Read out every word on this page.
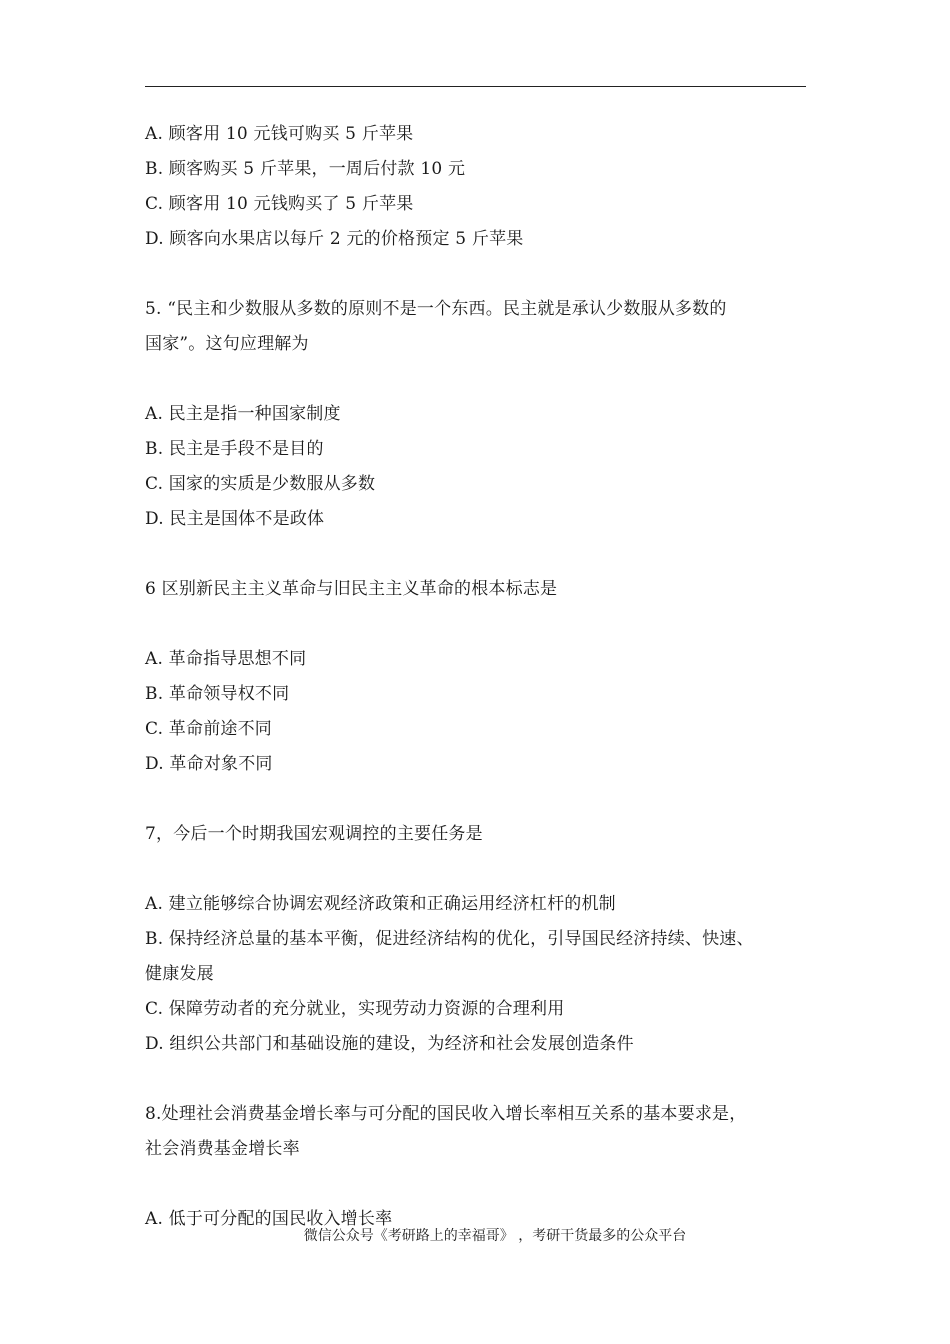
A. 顾客用 10 元钱可购买 5 斤苹果
B. 顾客购买 5 斤苹果，一周后付款 10 元
C. 顾客用 10 元钱购买了 5 斤苹果
D. 顾客向水果店以每斤 2 元的价格预定 5 斤苹果
5. “民主和少数服从多数的原则不是一个东西。民主就是承认少数服从多数的
国家”。这句应理解为
A. 民主是指一种国家制度
B. 民主是手段不是目的
C. 国家的实质是少数服从多数
D. 民主是国体不是政体
6 区别新民主主义革命与旧民主主义革命的根本标志是
A. 革命指导思想不同
B. 革命领导权不同
C. 革命前途不同
D. 革命对象不同
7，今后一个时期我国宏观调控的主要任务是
A. 建立能够综合协调宏观经济政策和正确运用经济杠杆的机制
B. 保持经济总量的基本平衡，促进经济结构的优化，引导国民经济持续、快速、
健康发展
C. 保障劳动者的充分就业，实现劳动力资源的合理利用
D. 组织公共部门和基础设施的建设，为经济和社会发展创造条件
8.处理社会消费基金增长率与可分配的国民收入增长率相互关系的基本要求是，
社会消费基金增长率
A. 低于可分配的国民收入增长率
微信公众号《考研路上的幸福哥》 ，考研干货最多的公众平台
